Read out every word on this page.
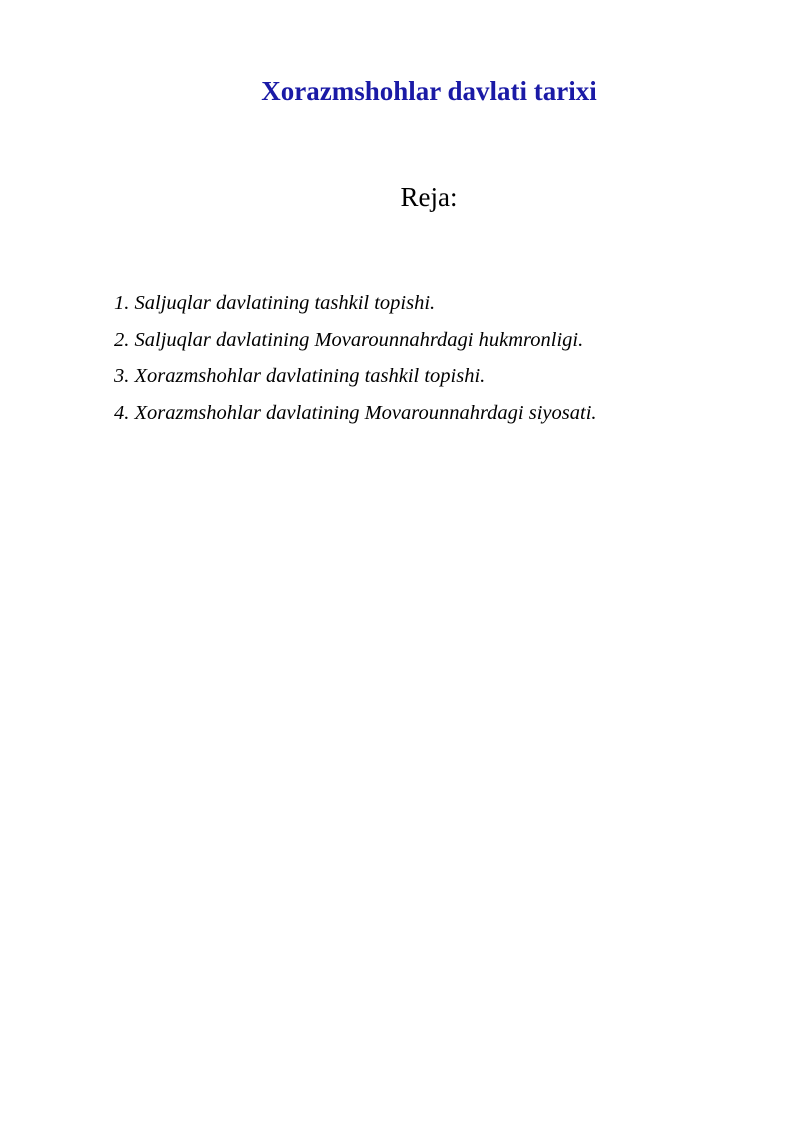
Xorazmshohlar davlati tarixi
Reja:
1. Saljuqlar davlatining tashkil topishi.
2. Saljuqlar davlatining Movarounnahrdagi hukmronligi.
3. Xorazmshohlar davlatining tashkil topishi.
4. Xorazmshohlar davlatining Movarounnahrdagi siyosati.
